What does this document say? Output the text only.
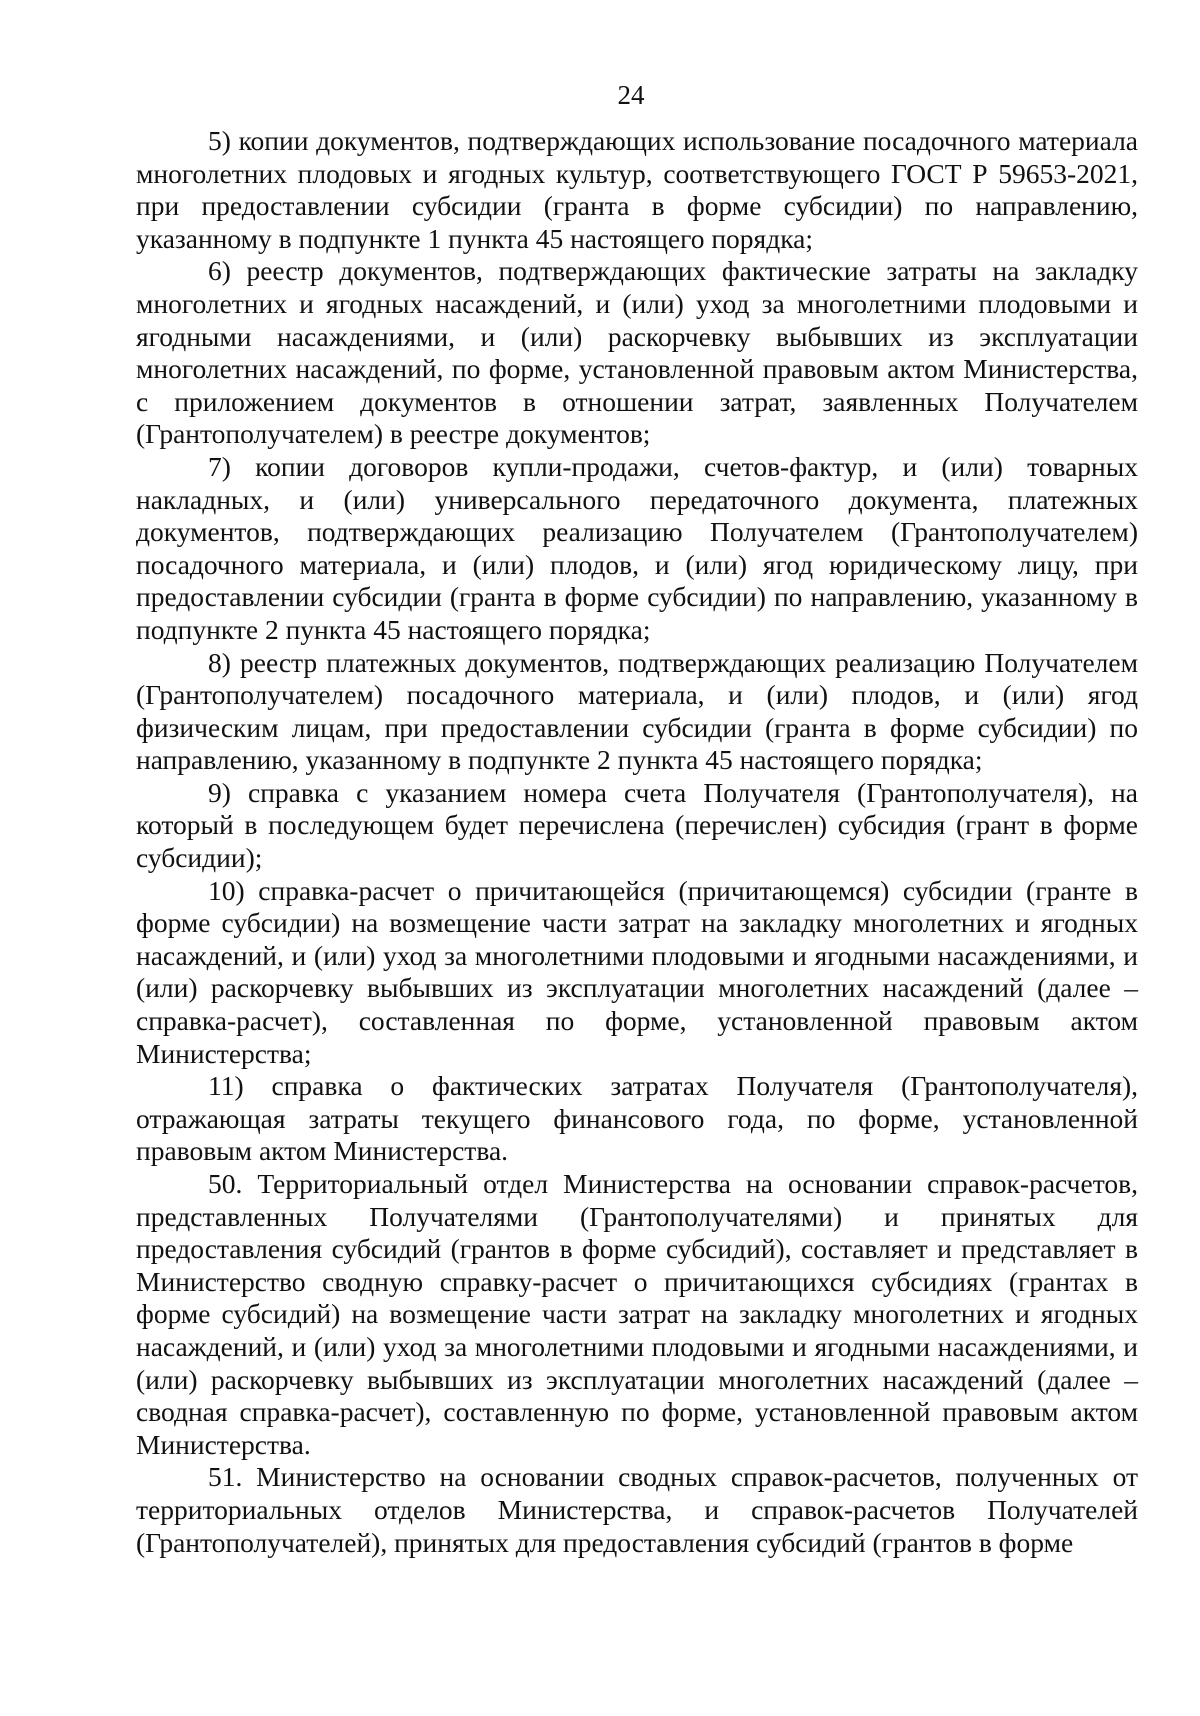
24

5) копии документов, подтверждающих использование посадочного материала многолетних плодовых и ягодных культур, соответствующего ГОСТ Р 59653-2021, при предоставлении субсидии (гранта в форме субсидии) по направлению, указанному в подпункте 1 пункта 45 настоящего порядка;

6) реестр документов, подтверждающих фактические затраты на закладку многолетних и ягодных насаждений, и (или) уход за многолетними плодовыми и ягодными насаждениями, и (или) раскорчевку выбывших из эксплуатации многолетних насаждений, по форме, установленной правовым актом Министерства, с приложением документов в отношении затрат, заявленных Получателем (Грантополучателем) в реестре документов;

7) копии договоров купли-продажи, счетов-фактур, и (или) товарных накладных, и (или) универсального передаточного документа, платежных документов, подтверждающих реализацию Получателем (Грантополучателем) посадочного материала, и (или) плодов, и (или) ягод юридическому лицу, при предоставлении субсидии (гранта в форме субсидии) по направлению, указанному в подпункте 2 пункта 45 настоящего порядка;

8) реестр платежных документов, подтверждающих реализацию Получателем (Грантополучателем) посадочного материала, и (или) плодов, и (или) ягод физическим лицам, при предоставлении субсидии (гранта в форме субсидии) по направлению, указанному в подпункте 2 пункта 45 настоящего порядка;

9) справка с указанием номера счета Получателя (Грантополучателя), на который в последующем будет перечислена (перечислен) субсидия (грант в форме субсидии);

10) справка-расчет о причитающейся (причитающемся) субсидии (гранте в форме субсидии) на возмещение части затрат на закладку многолетних и ягодных насаждений, и (или) уход за многолетними плодовыми и ягодными насаждениями, и (или) раскорчевку выбывших из эксплуатации многолетних насаждений (далее – справка-расчет), составленная по форме, установленной правовым актом Министерства;

11) справка о фактических затратах Получателя (Грантополучателя), отражающая затраты текущего финансового года, по форме, установленной правовым актом Министерства.

50. Территориальный отдел Министерства на основании справок-расчетов, представленных Получателями (Грантополучателями) и принятых для предоставления субсидий (грантов в форме субсидий), составляет и представляет в Министерство сводную справку-расчет о причитающихся субсидиях (грантах в форме субсидий) на возмещение части затрат на закладку многолетних и ягодных насаждений, и (или) уход за многолетними плодовыми и ягодными насаждениями, и (или) раскорчевку выбывших из эксплуатации многолетних насаждений (далее – сводная справка-расчет), составленную по форме, установленной правовым актом Министерства.

51. Министерство на основании сводных справок-расчетов, полученных от территориальных отделов Министерства, и справок-расчетов Получателей (Грантополучателей), принятых для предоставления субсидий (грантов в форме
